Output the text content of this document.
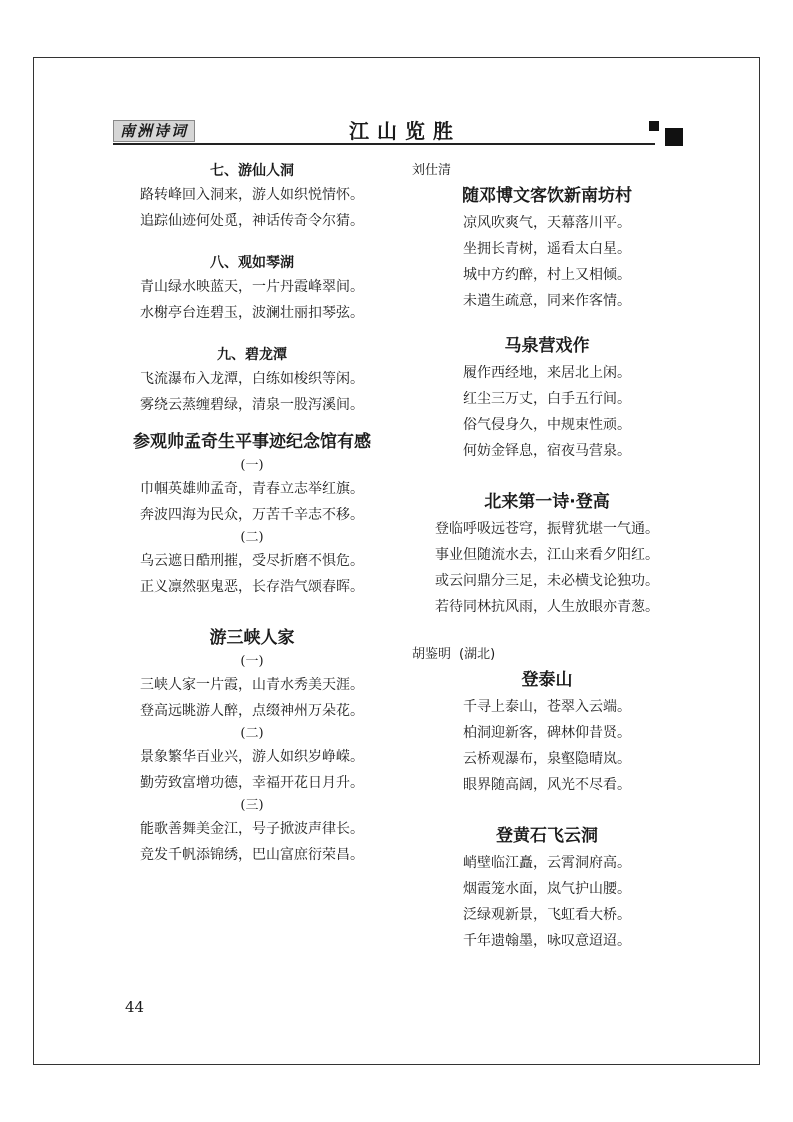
南洲诗词	江山览胜
七、游仙人洞
路转峰回入洞来，游人如织悦情怀。
追踪仙迹何处觅，神话传奇令尔猜。
八、观如琴湖
青山绿水映蓝天，一片丹霞峰翠间。
水榭亭台连碧玉，波澜壮丽扣琴弦。
九、碧龙潭
飞流瀑布入龙潭，白练如梭织等闲。
雾绕云蒸缠碧绿，清泉一股泻溪间。
参观帅孟奇生平事迹纪念馆有感
(一)
巾帼英雄帅孟奇，青春立志举红旗。
奔波四海为民众，万苦千辛志不移。
(二)
乌云遮日酷刑摧，受尽折磨不惧危。
正义凛然驱鬼恶，长存浩气颂春晖。
游三峡人家
(一)
三峡人家一片霞，山青水秀美天涯。
登高远眺游人醉，点缀神州万朵花。
(二)
景象繁华百业兴，游人如织岁峥嵘。
勤劳致富增功德，幸福开花日月升。
(三)
能歌善舞美金江，号子掀波声律长。
竞发千帆添锦绣，巴山富庶衍荣昌。
刘仕清
随邓博文客饮新南坊村
凉风吹爽气，天幕落川平。
坐拥长青树，遥看太白星。
城中方约醉，村上又相倾。
未遣生疏意，同来作客情。
马泉营戏作
履作西经地，来居北上闲。
红尘三万丈，白手五行间。
俗气侵身久，中规束性顽。
何妨金铎息，宿夜马营泉。
北来第一诗·登高
登临呼吸远苍穹，振臂犹堪一气通。
事业但随流水去，江山来看夕阳红。
或云问鼎分三足，未必横戈论独功。
若待同林抗风雨，人生放眼亦青葱。
胡鉴明 (湖北)
登泰山
千寻上泰山，苍翠入云端。
柏洞迎新客，碑林仰昔贤。
云桥观瀑布，泉壑隐晴岚。
眼界随高阔，风光不尽看。
登黄石飞云洞
峭壁临江矗，云霄洞府高。
烟霞笼水面，岚气护山腰。
泛绿观新景，飞虹看大桥。
千年遗翰墨，咏叹意迢迢。
44
